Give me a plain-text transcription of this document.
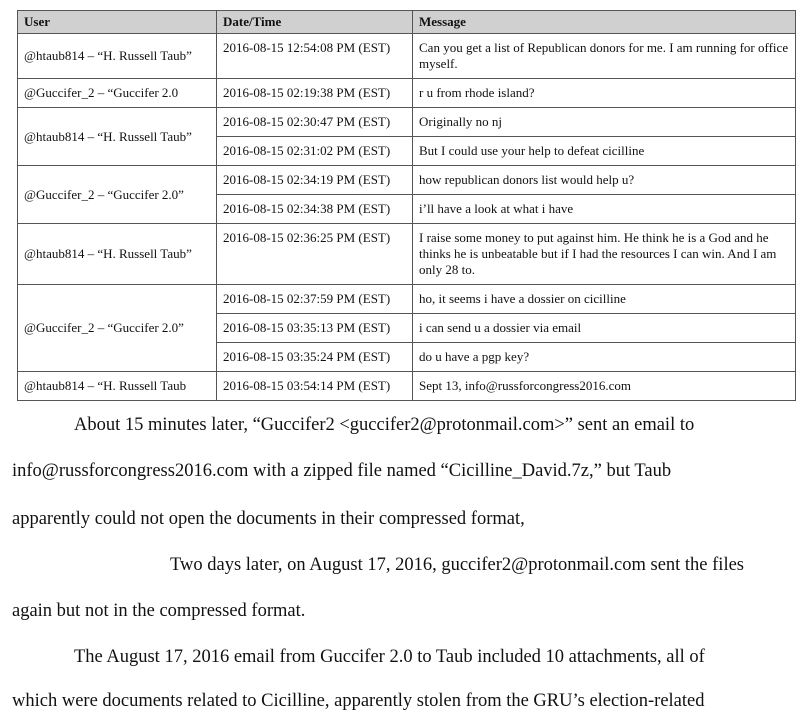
User	Date/Time	Message
@htaub814 – “H. Russell Taub”	2016-08-15 12:54:08 PM (EST)	Can you get a list of Republican donors for me. I am running for office myself.
@Guccifer_2 – “Guccifer 2.0	2016-08-15 02:19:38 PM (EST)	r u from rhode island?
@htaub814 – “H. Russell Taub”	2016-08-15 02:30:47 PM (EST)	Originally no nj
	2016-08-15 02:31:02 PM (EST)	But I could use your help to defeat cicilline
@Guccifer_2 – “Guccifer 2.0”	2016-08-15 02:34:19 PM (EST)	how republican donors list would help u?
	2016-08-15 02:34:38 PM (EST)	i’ll have a look at what i have
@htaub814 – “H. Russell Taub”	2016-08-15 02:36:25 PM (EST)	I raise some money to put against him. He think he is a God and he thinks he is unbeatable but if I had the resources I can win. And I am only 28 to.
@Guccifer_2 – “Guccifer 2.0”	2016-08-15 02:37:59 PM (EST)	ho, it seems i have a dossier on cicilline
	2016-08-15 03:35:13 PM (EST)	i can send u a dossier via email
	2016-08-15 03:35:24 PM (EST)	do u have a pgp key?
@htaub814 – “H. Russell Taub	2016-08-15 03:54:14 PM (EST)	Sept 13, info@russforcongress2016.com
About 15 minutes later, “Guccifer2 <guccifer2@protonmail.com>” sent an email to
info@russforcongress2016.com with a zipped file named “Cicilline_David.7z,” but Taub
apparently could not open the documents in their compressed format,
Two days later, on August 17, 2016, guccifer2@protonmail.com sent the files
again but not in the compressed format.
The August 17, 2016 email from Guccifer 2.0 to Taub included 10 attachments, all of
which were documents related to Cicilline, apparently stolen from the GRU’s election-related
